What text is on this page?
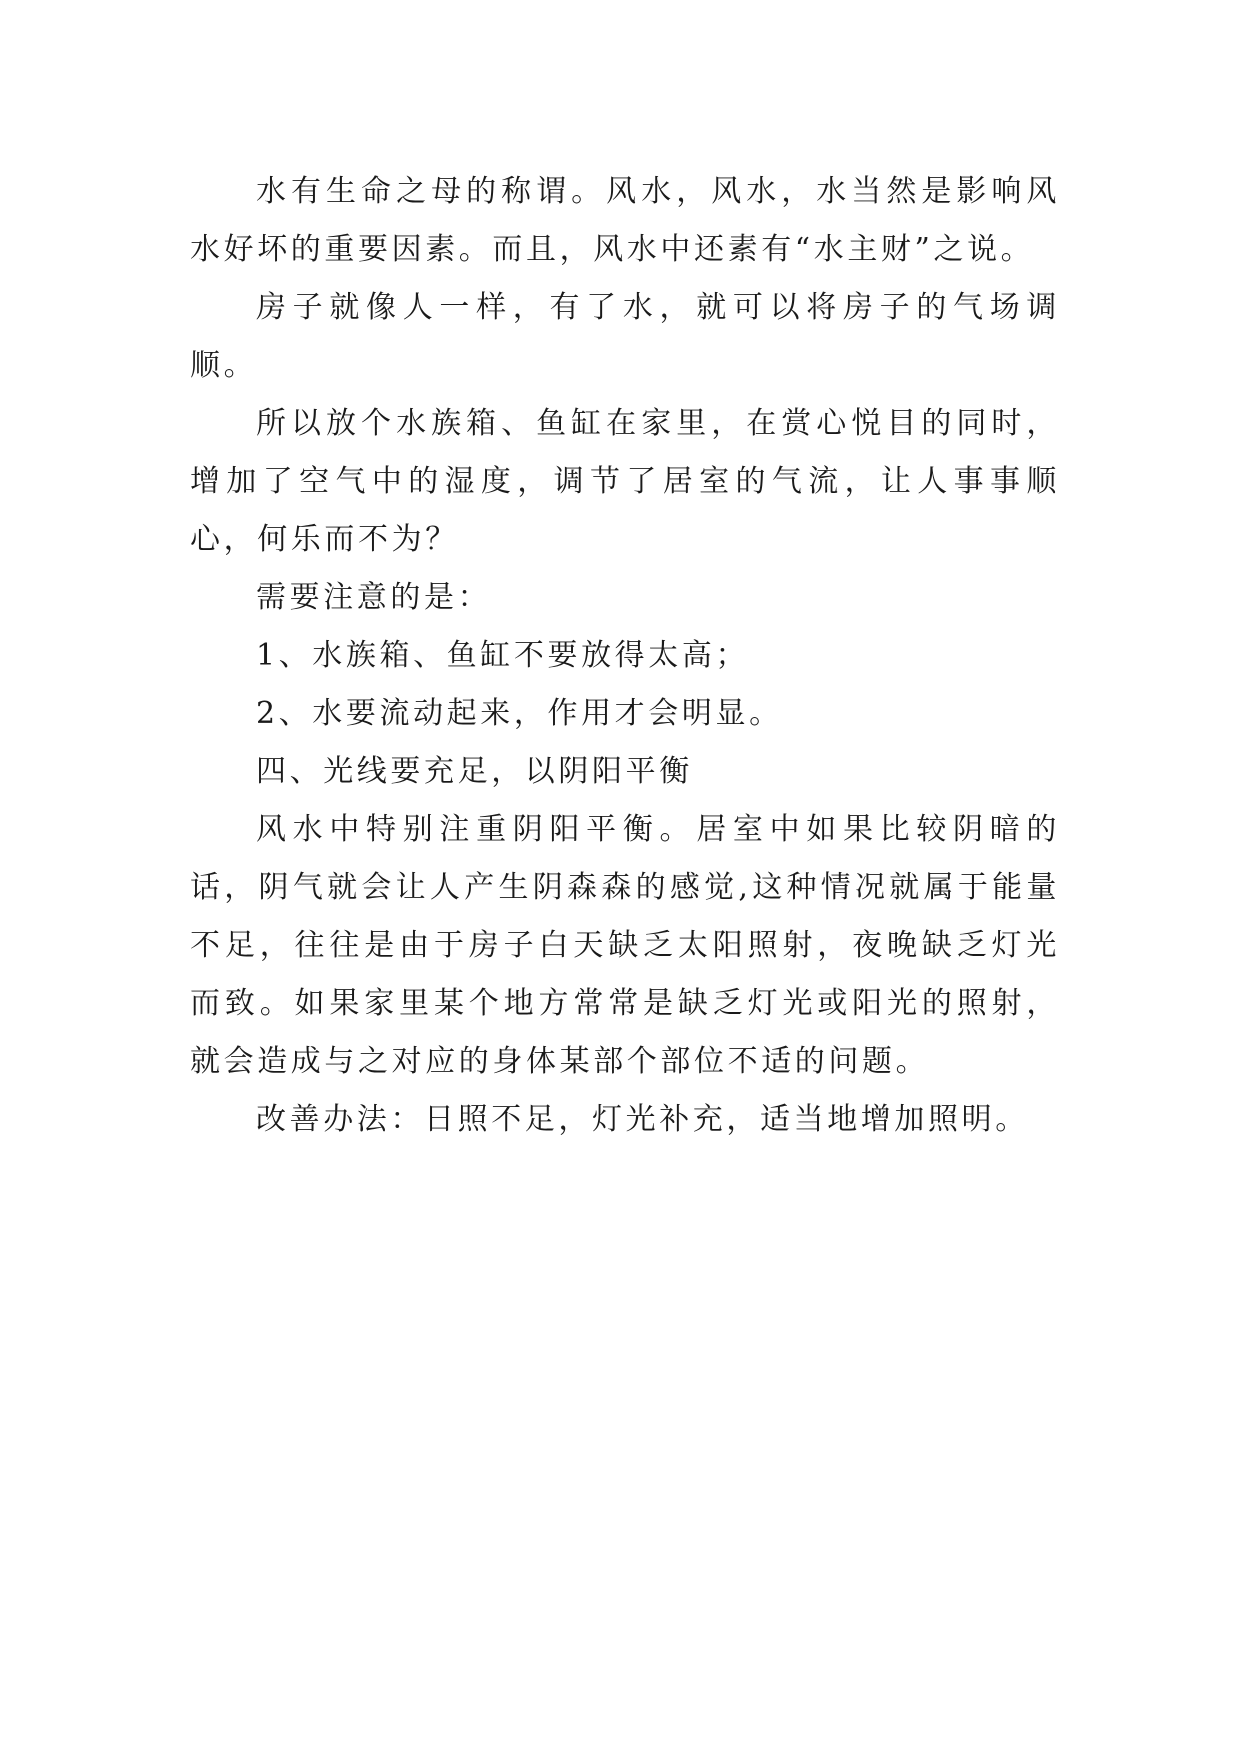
水有生命之母的称谓。风水，风水，水当然是影响风水好坏的重要因素。而且，风水中还素有“水主财”之说。

房子就像人一样，有了水，就可以将房子的气场调顺。

所以放个水族箱、鱼缸在家里，在赏心悦目的同时，增加了空气中的湿度，调节了居室的气流，让人事事顺心，何乐而不为？

需要注意的是：

1、水族箱、鱼缸不要放得太高；

2、水要流动起来，作用才会明显。

四、光线要充足，以阴阳平衡

风水中特别注重阴阳平衡。居室中如果比较阴暗的话，阴气就会让人产生阴森森的感觉,这种情况就属于能量不足，往往是由于房子白天缺乏太阳照射，夜晚缺乏灯光而致。如果家里某个地方常常是缺乏灯光或阳光的照射，就会造成与之对应的身体某部个部位不适的问题。

改善办法：日照不足，灯光补充，适当地增加照明。
